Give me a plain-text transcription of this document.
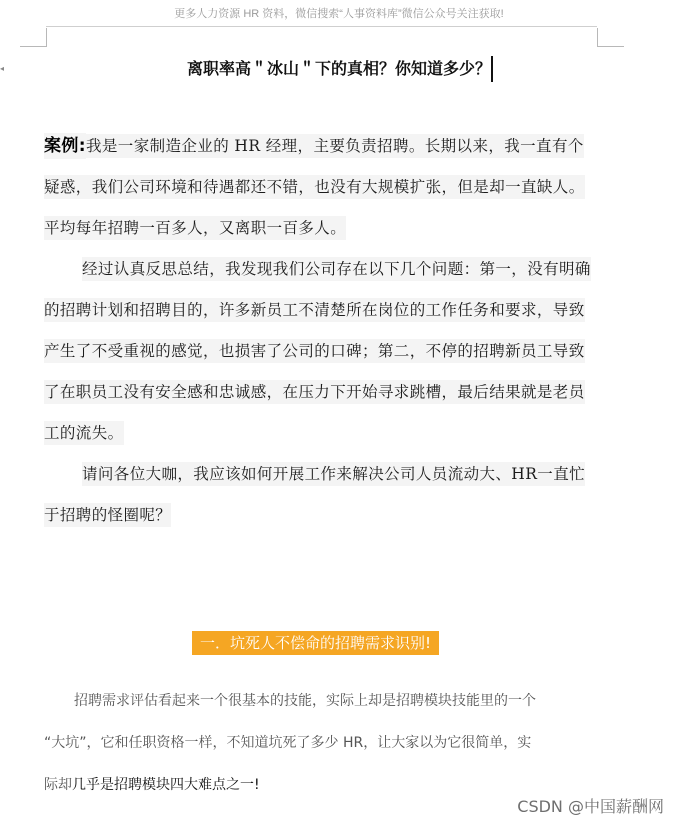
更多人力资源 HR 资料，微信搜索“人事资料库”微信公众号关注获取!
◂	离职率高＂冰山＂下的真相？你知道多少？

案例:我是一家制造企业的 HR 经理，主要负责招聘。长期以来，我一直有个疑惑，我们公司环境和待遇都还不错，也没有大规模扩张，但是却一直缺人。平均每年招聘一百多人，又离职一百多人。

经过认真反思总结，我发现我们公司存在以下几个问题：第一，没有明确的招聘计划和招聘目的，许多新员工不清楚所在岗位的工作任务和要求，导致产生了不受重视的感觉，也损害了公司的口碑；第二，不停的招聘新员工导致了在职员工没有安全感和忠诚感，在压力下开始寻求跳槽，最后结果就是老员工的流失。

请问各位大咖，我应该如何开展工作来解决公司人员流动大、HR一直忙于招聘的怪圈呢？

一．坑死人不偿命的招聘需求识别!

招聘需求评估看起来一个很基本的技能，实际上却是招聘模块技能里的一个

“大坑”，它和任职资格一样，不知道坑死了多少 HR，让大家以为它很简单，实

际却几乎是招聘模块四大难点之一!

CSDN @中国薪酬网
